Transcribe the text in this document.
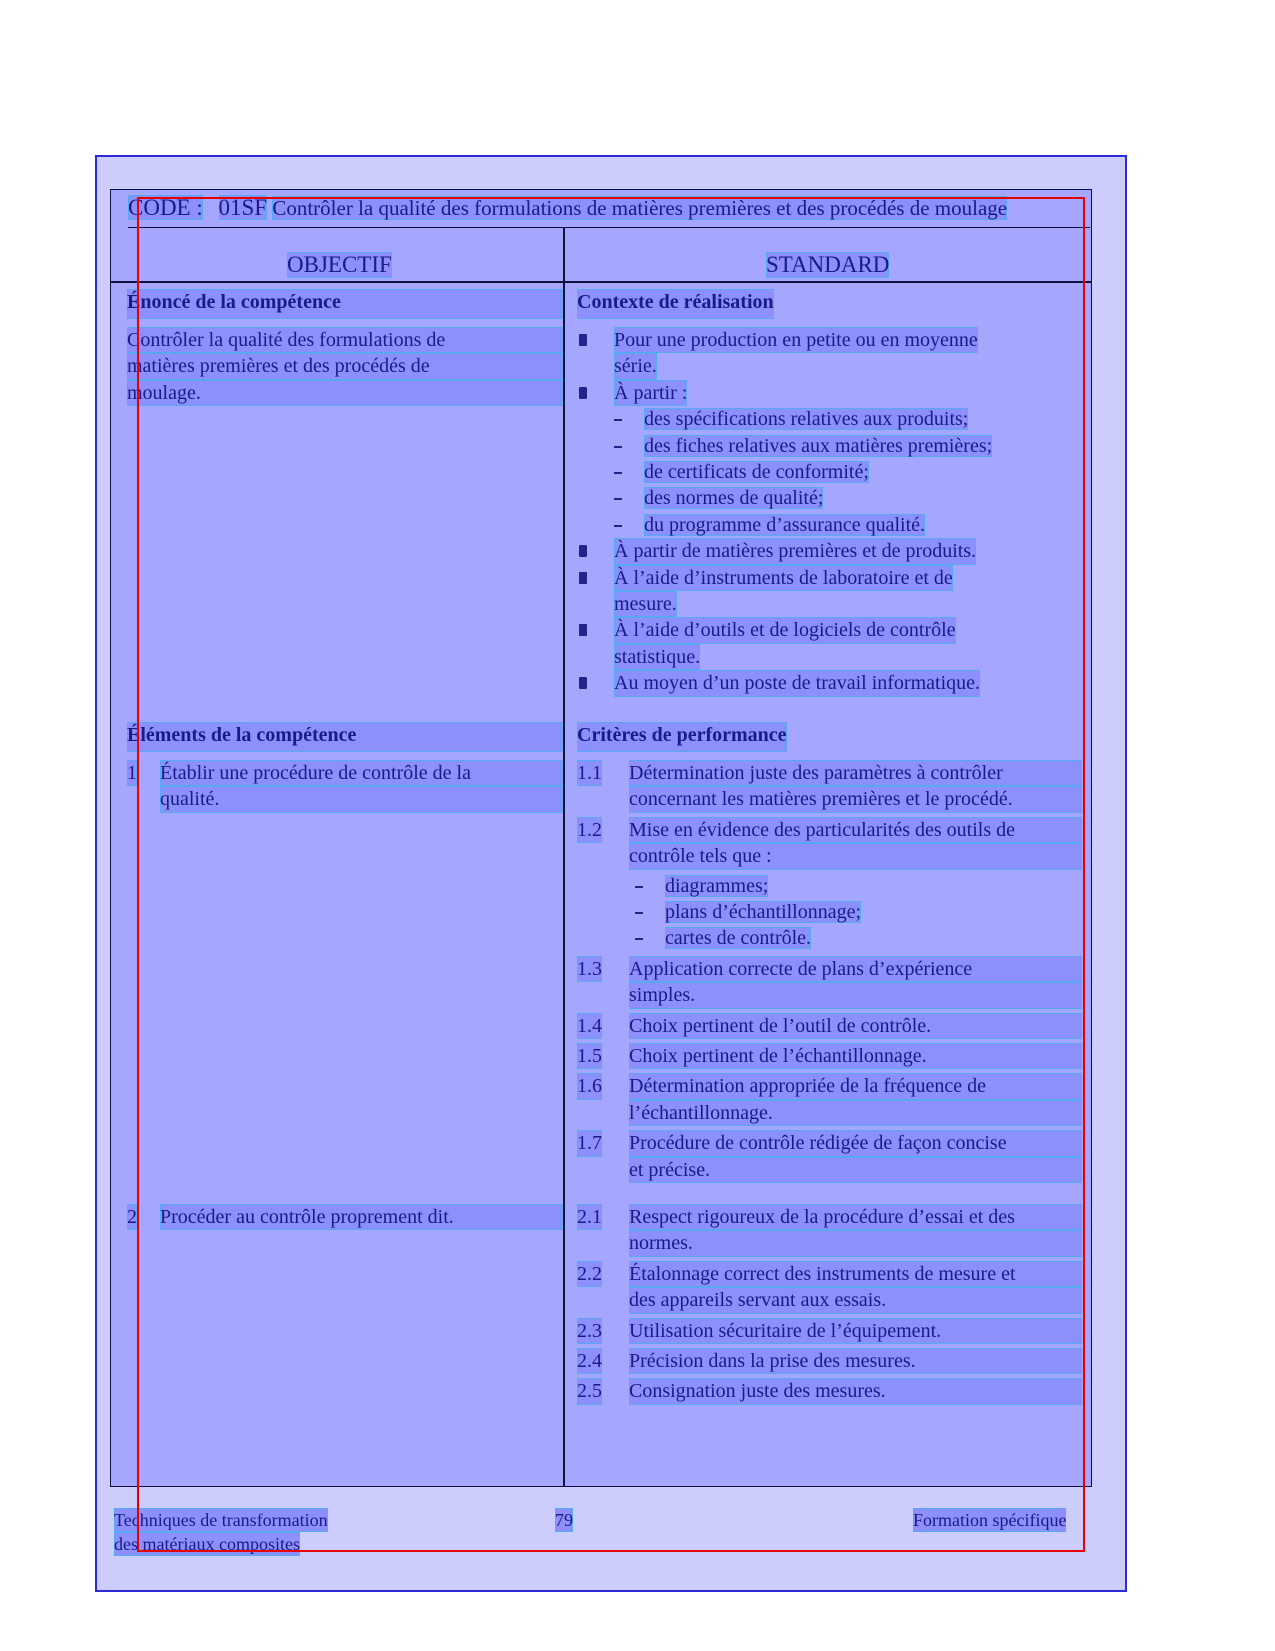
CODE : 01SF Contrôler la qualité des formulations de matières premières et des procédés de moulage
OBJECTIF	STANDARD
Énoncé de la compétence
Contrôler la qualité des formulations de
matières premières et des procédés de
moulage.
Contexte de réalisation
Pour une production en petite ou en moyenne
série.
À partir :
des spécifications relatives aux produits;
des fiches relatives aux matières premières;
de certificats de conformité;
des normes de qualité;
du programme d’assurance qualité.
À partir de matières premières et de produits.
À l’aide d’instruments de laboratoire et de
mesure.
À l’aide d’outils et de logiciels de contrôle
statistique.
Au moyen d’un poste de travail informatique.
Éléments de la compétence
1 Établir une procédure de contrôle de la
qualité.
2 Procéder au contrôle proprement dit.
Critères de performance
1.1 Détermination juste des paramètres à contrôler
concernant les matières premières et le procédé.
1.2 Mise en évidence des particularités des outils de
contrôle tels que :
diagrammes;
plans d’échantillonnage;
cartes de contrôle.
1.3 Application correcte de plans d’expérience
simples.
1.4 Choix pertinent de l’outil de contrôle.
1.5 Choix pertinent de l’échantillonnage.
1.6 Détermination appropriée de la fréquence de
l’échantillonnage.
1.7 Procédure de contrôle rédigée de façon concise
et précise.
2.1 Respect rigoureux de la procédure d’essai et des
normes.
2.2 Étalonnage correct des instruments de mesure et
des appareils servant aux essais.
2.3 Utilisation sécuritaire de l’équipement.
2.4 Précision dans la prise des mesures.
2.5 Consignation juste des mesures.
Techniques de transformation
des matériaux composites
79	Formation spécifique
